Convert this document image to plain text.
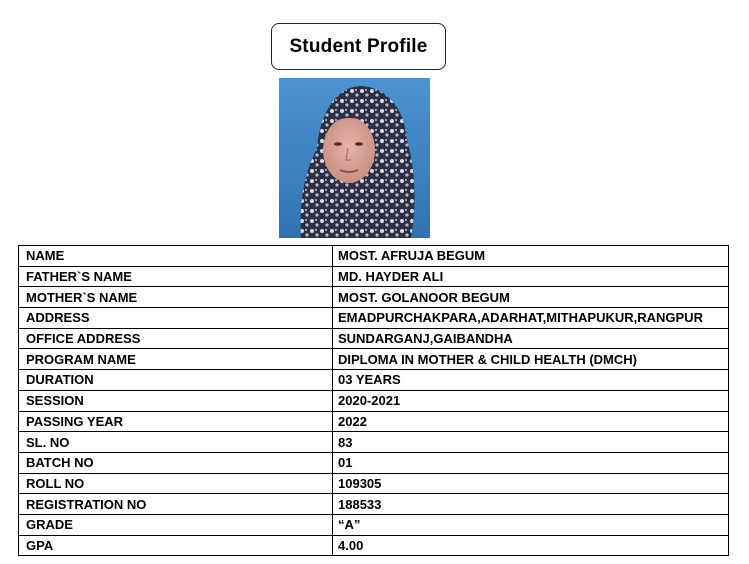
Student Profile
NAME	MOST. AFRUJA BEGUM
FATHER`S NAME	MD. HAYDER ALI
MOTHER`S NAME	MOST. GOLANOOR BEGUM
ADDRESS	EMADPURCHAKPARA,ADARHAT,MITHAPUKUR,RANGPUR
OFFICE ADDRESS	SUNDARGANJ,GAIBANDHA
PROGRAM NAME	DIPLOMA IN MOTHER & CHILD HEALTH (DMCH)
DURATION	03 YEARS
SESSION	2020-2021
PASSING YEAR	2022
SL. NO	83
BATCH NO	01
ROLL NO	109305
REGISTRATION NO	188533
GRADE	“A”
GPA	4.00
